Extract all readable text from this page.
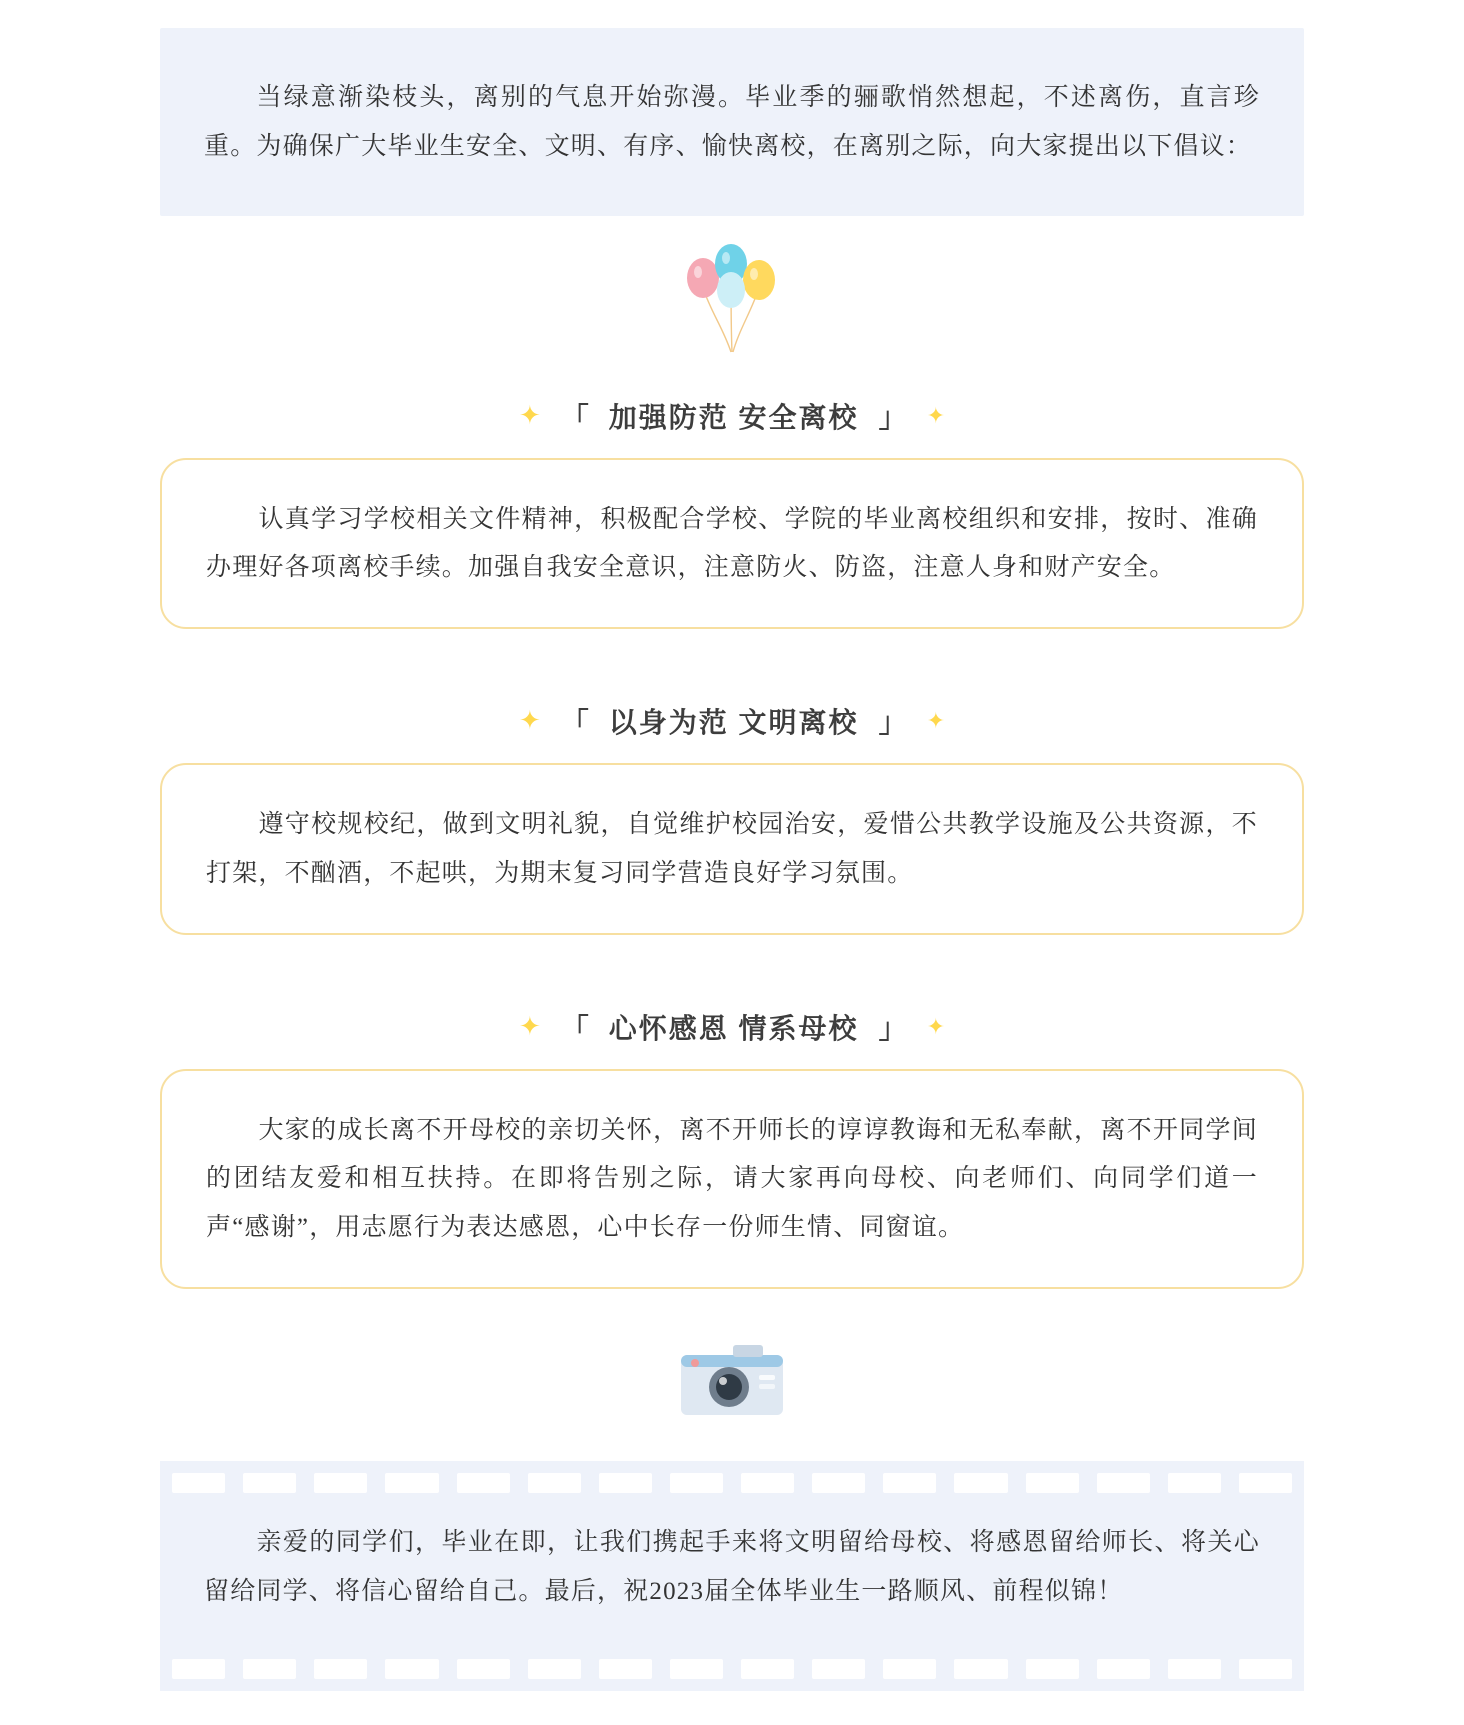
当绿意渐染枝头，离别的气息开始弥漫。毕业季的骊歌悄然想起，不述离伤，直言珍重。为确保广大毕业生安全、文明、有序、愉快离校，在离别之际，向大家提出以下倡议：

✦ 「 加强防范 安全离校 」 ✦

认真学习学校相关文件精神，积极配合学校、学院的毕业离校组织和安排，按时、准确办理好各项离校手续。加强自我安全意识，注意防火、防盗，注意人身和财产安全。

✦ 「 以身为范 文明离校 」 ✦

遵守校规校纪，做到文明礼貌，自觉维护校园治安，爱惜公共教学设施及公共资源，不打架，不酗酒，不起哄，为期末复习同学营造良好学习氛围。

✦ 「 心怀感恩 情系母校 」 ✦

大家的成长离不开母校的亲切关怀，离不开师长的谆谆教诲和无私奉献，离不开同学间的团结友爱和相互扶持。在即将告别之际，请大家再向母校、向老师们、向同学们道一声“感谢”，用志愿行为表达感恩，心中长存一份师生情、同窗谊。

亲爱的同学们，毕业在即，让我们携起手来将文明留给母校、将感恩留给师长、将关心留给同学、将信心留给自己。最后，祝2023届全体毕业生一路顺风、前程似锦！
